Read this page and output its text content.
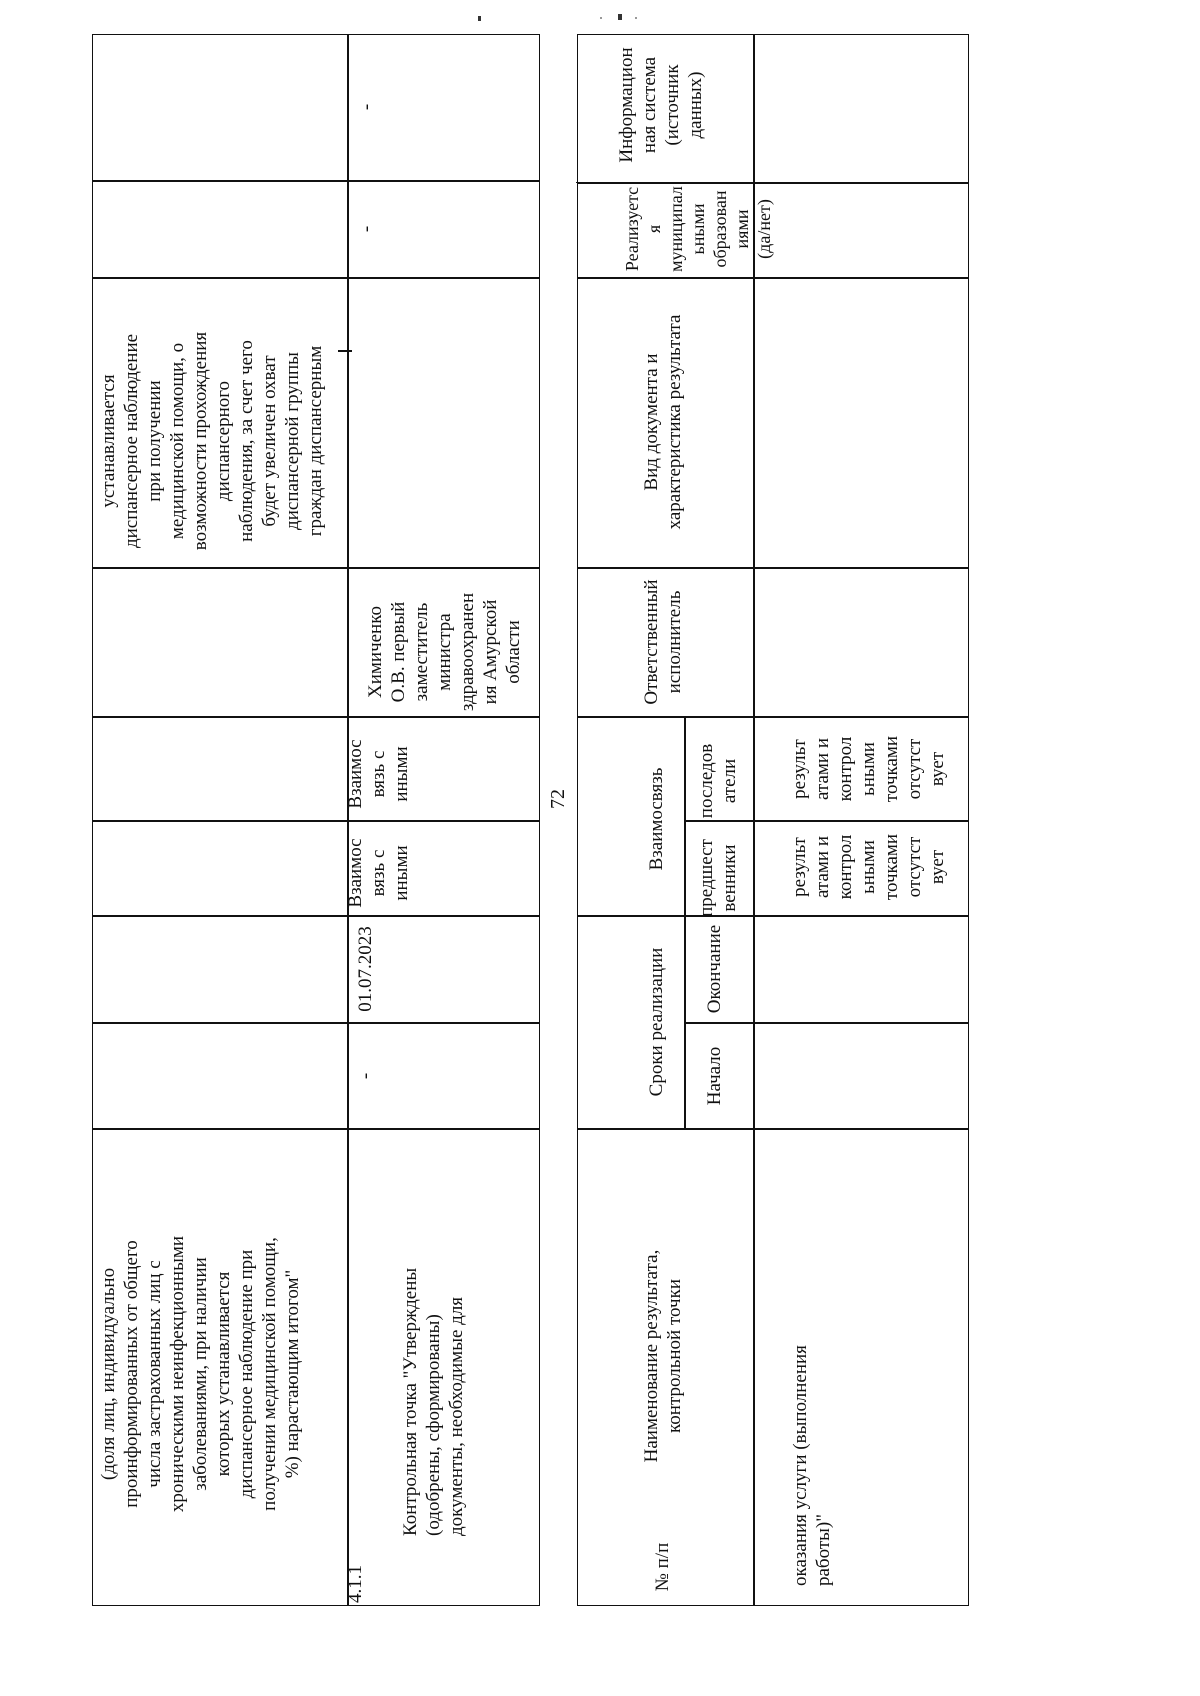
(доля лиц, индивидуально
проинформированных от общего
числа застрахованных лиц с
хроническими неинфекционными
заболеваниями, при наличии
которых устанавливается
диспансерное наблюдение при
получении медицинской помощи,
%) нарастающим итогом"
устанавливается
диспансерное наблюдение
при получении
медицинской помощи, о
возможности прохождения
диспансерного
наблюдения, за счет чего
будет увеличен охват
диспансерной группы
граждан диспансерным
4.1.1
Контрольная точка "Утверждены
(одобрены, сформированы)
документы, необходимые для
-
01.07.2023
Взаимос
вязь с
иными
Взаимос
вязь с
иными
Химиченко
О.В. первый
заместитель
министра
здравоохранен
ия Амурской
области
-
-
72
№ п/п
Наименование результата,
контрольной точки
Сроки реализации	Начало
Окончание
Взаимосвязь
предшест
венники
последов
атели
Ответственный
исполнитель
Вид документа и
характеристика результата
Реализуетс
я
муниципал
ьными
образован
иями
(да/нет)
Информацион
ная система
(источник
данных)
оказания услуги (выполнения
работы)"
результ
атами и
контрол
ьными
точками
отсутст
вует
результ
атами и
контрол
ьными
точками
отсутст
вует
